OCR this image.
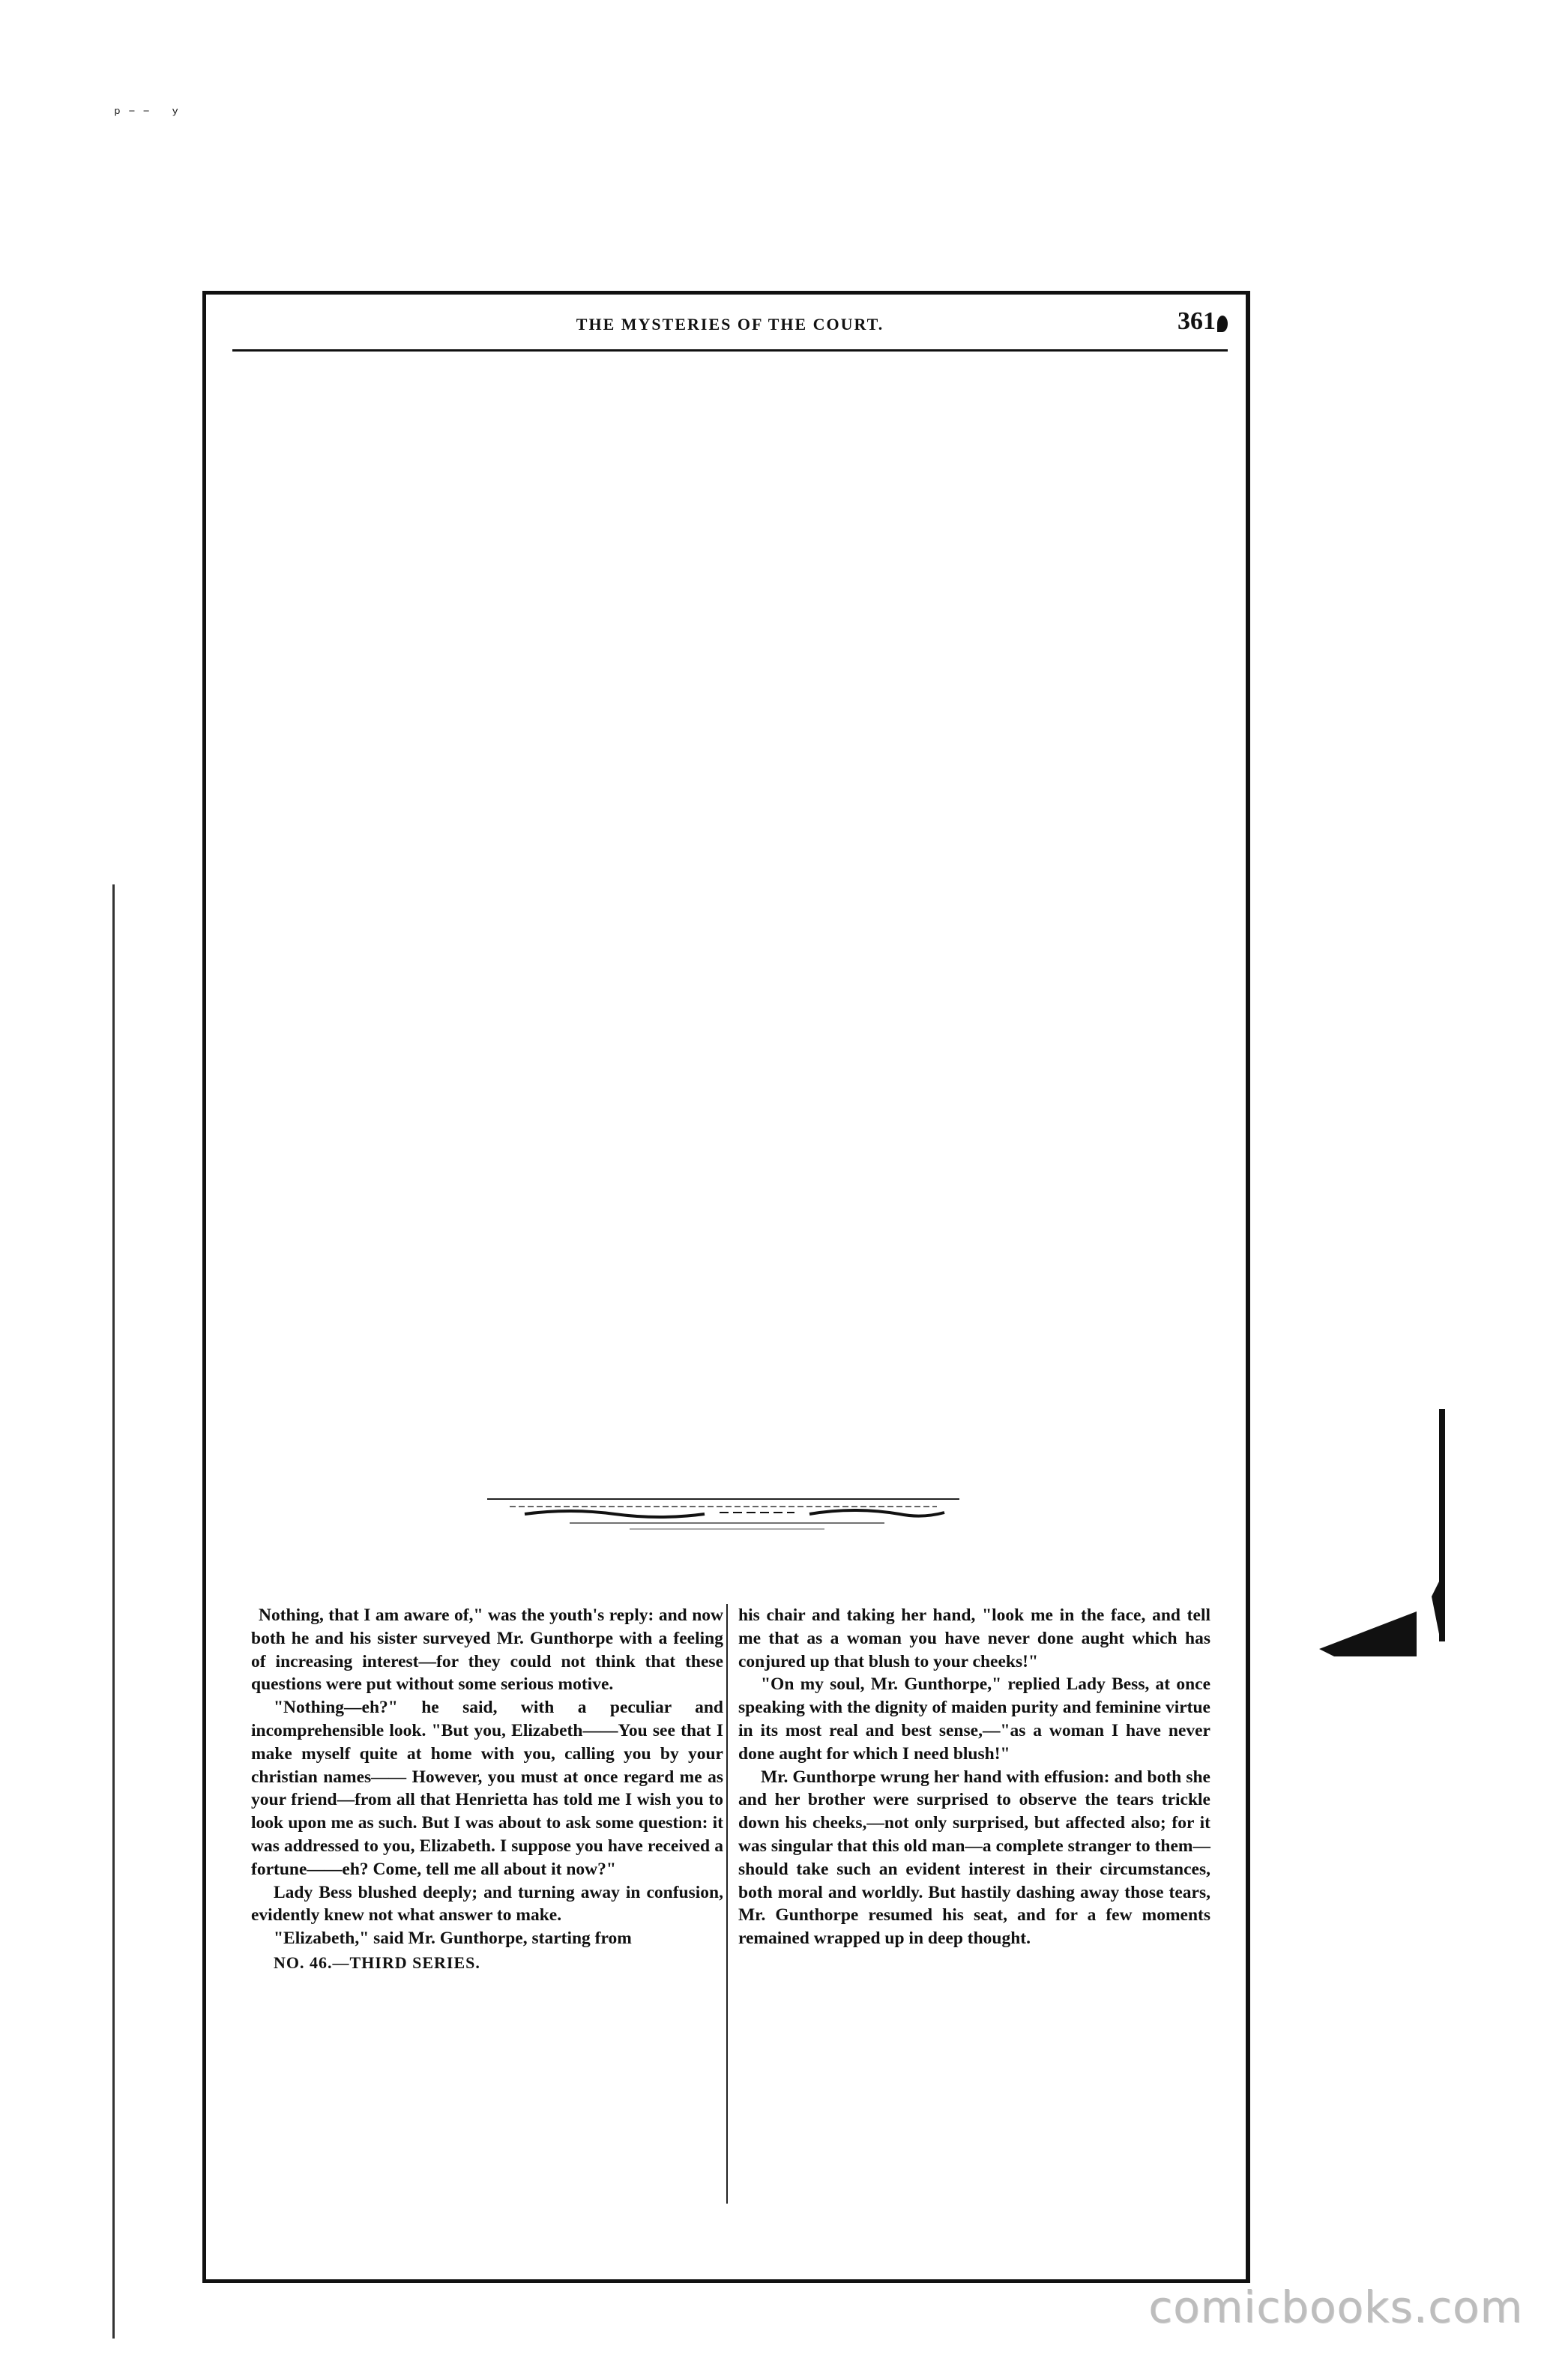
ᵖ⁻⁻ ʸ
THE MYSTERIES OF THE COURT.	361

Nothing, that I am aware of," was the youth's reply: and now both he and his sister surveyed Mr. Gunthorpe with a feeling of increasing interest—for they could not think that these questions were put without some serious motive.

"Nothing—eh?" he said, with a peculiar and incomprehensible look. "But you, Elizabeth——You see that I make myself quite at home with you, calling you by your christian names—— However, you must at once regard me as your friend—from all that Henrietta has told me I wish you to look upon me as such. But I was about to ask some question: it was addressed to you, Elizabeth. I suppose you have received a fortune——eh? Come, tell me all about it now?"

Lady Bess blushed deeply; and turning away in confusion, evidently knew not what answer to make.

"Elizabeth," said Mr. Gunthorpe, starting from

NO. 46.—THIRD SERIES.

his chair and taking her hand, "look me in the face, and tell me that as a woman you have never done aught which has conjured up that blush to your cheeks!"

"On my soul, Mr. Gunthorpe," replied Lady Bess, at once speaking with the dignity of maiden purity and feminine virtue in its most real and best sense,—"as a woman I have never done aught for which I need blush!"

Mr. Gunthorpe wrung her hand with effusion: and both she and her brother were surprised to observe the tears trickle down his cheeks,—not only surprised, but affected also; for it was singular that this old man—a complete stranger to them—should take such an evident interest in their circumstances, both moral and worldly. But hastily dashing away those tears, Mr. Gunthorpe resumed his seat, and for a few moments remained wrapped up in deep thought.

comicbooks.com
